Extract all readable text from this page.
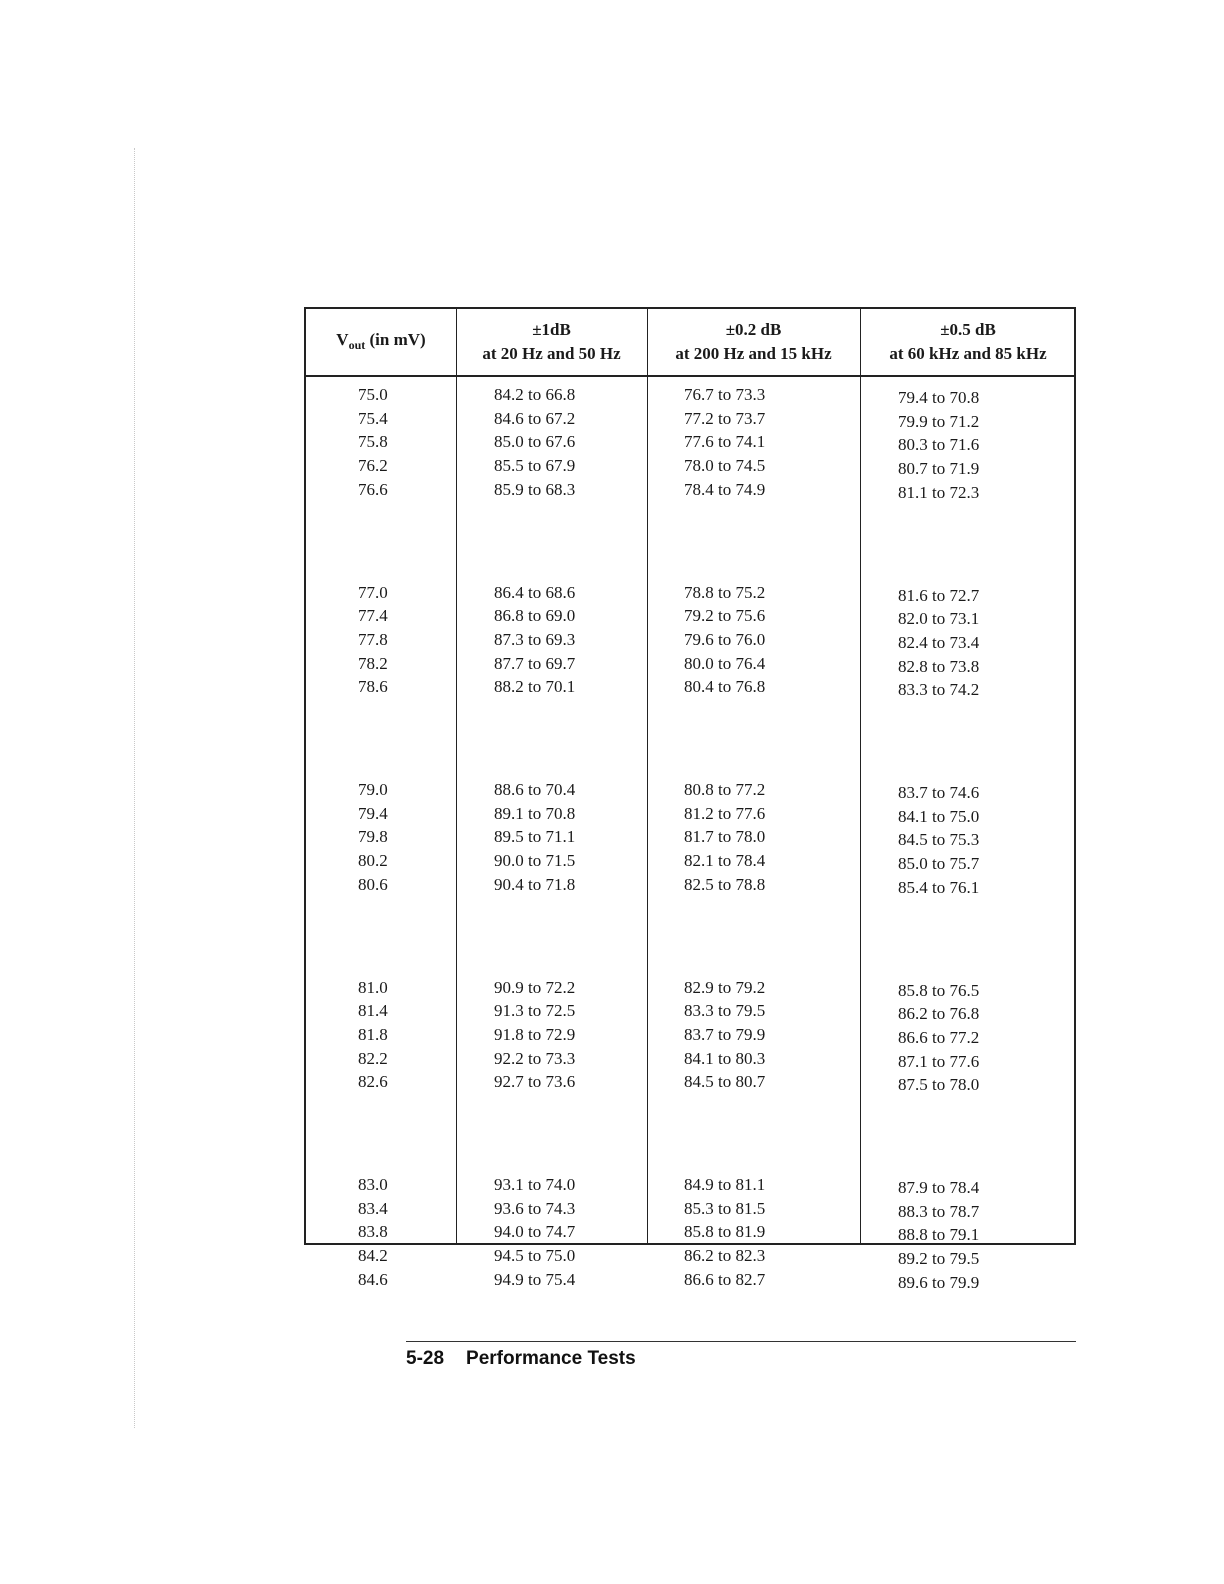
$V_{out}$ (in mV)	±1dB
at 20 Hz and 50 Hz
±0.2 dB
at 200 Hz and 15 kHz
±0.5 dB
at 60 kHz and 85 kHz
75.0
75.4
75.8
76.2
76.6
77.0
77.4
77.8
78.2
78.6
79.0
79.4
79.8
80.2
80.6
81.0
81.4
81.8
82.2
82.6
83.0
83.4
83.8
84.2
84.6
84.2 to 66.8
84.6 to 67.2
85.0 to 67.6
85.5 to 67.9
85.9 to 68.3
86.4 to 68.6
86.8 to 69.0
87.3 to 69.3
87.7 to 69.7
88.2 to 70.1
88.6 to 70.4
89.1 to 70.8
89.5 to 71.1
90.0 to 71.5
90.4 to 71.8
90.9 to 72.2
91.3 to 72.5
91.8 to 72.9
92.2 to 73.3
92.7 to 73.6
93.1 to 74.0
93.6 to 74.3
94.0 to 74.7
94.5 to 75.0
94.9 to 75.4
76.7 to 73.3
77.2 to 73.7
77.6 to 74.1
78.0 to 74.5
78.4 to 74.9
78.8 to 75.2
79.2 to 75.6
79.6 to 76.0
80.0 to 76.4
80.4 to 76.8
80.8 to 77.2
81.2 to 77.6
81.7 to 78.0
82.1 to 78.4
82.5 to 78.8
82.9 to 79.2
83.3 to 79.5
83.7 to 79.9
84.1 to 80.3
84.5 to 80.7
84.9 to 81.1
85.3 to 81.5
85.8 to 81.9
86.2 to 82.3
86.6 to 82.7
79.4 to 70.8
79.9 to 71.2
80.3 to 71.6
80.7 to 71.9
81.1 to 72.3
81.6 to 72.7
82.0 to 73.1
82.4 to 73.4
82.8 to 73.8
83.3 to 74.2
83.7 to 74.6
84.1 to 75.0
84.5 to 75.3
85.0 to 75.7
85.4 to 76.1
85.8 to 76.5
86.2 to 76.8
86.6 to 77.2
87.1 to 77.6
87.5 to 78.0
87.9 to 78.4
88.3 to 78.7
88.8 to 79.1
89.2 to 79.5
89.6 to 79.9
5-28 Performance Tests
